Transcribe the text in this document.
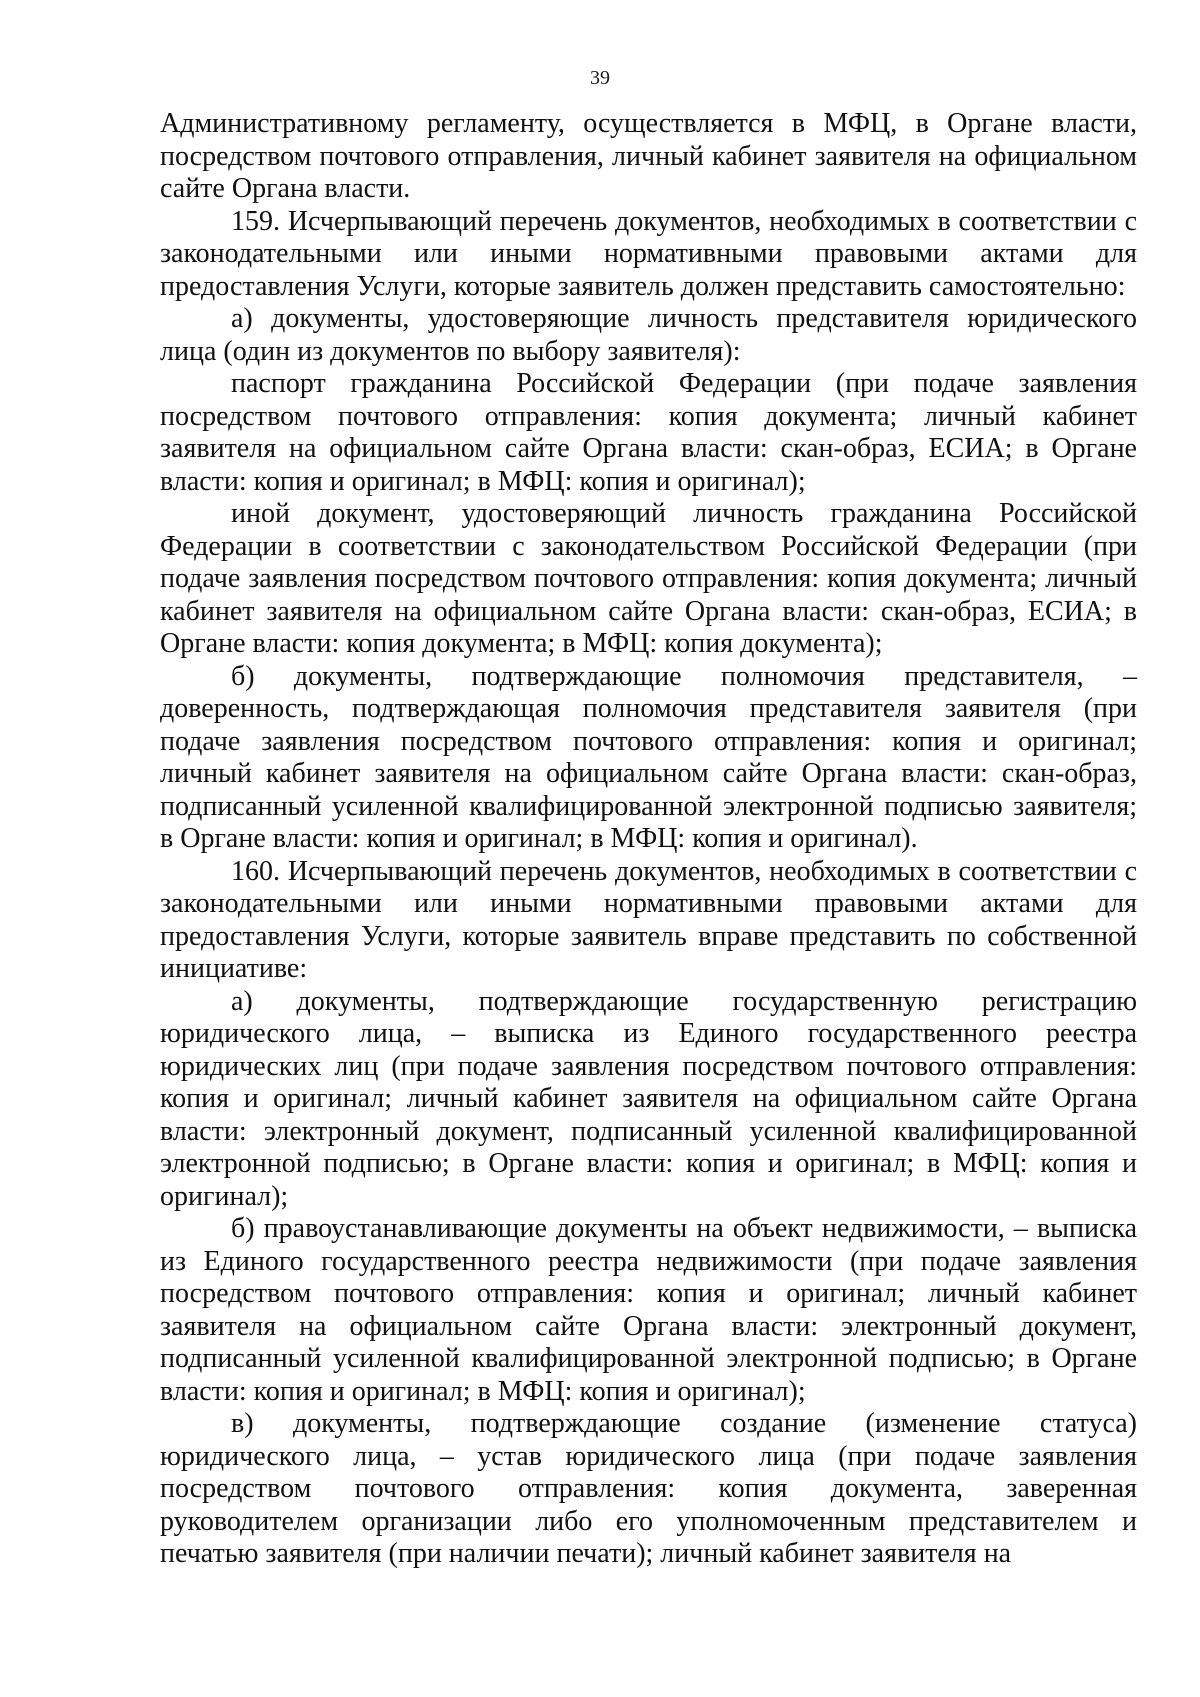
39

Административному регламенту, осуществляется в МФЦ, в Органе власти, посредством почтового отправления, личный кабинет заявителя на официальном сайте Органа власти.

159. Исчерпывающий перечень документов, необходимых в соответствии с законодательными или иными нормативными правовыми актами для предоставления Услуги, которые заявитель должен представить самостоятельно:

а) документы, удостоверяющие личность представителя юридического лица (один из документов по выбору заявителя):

паспорт гражданина Российской Федерации (при подаче заявления посредством почтового отправления: копия документа; личный кабинет заявителя на официальном сайте Органа власти: скан-образ, ЕСИА; в Органе власти: копия и оригинал; в МФЦ: копия и оригинал);

иной документ, удостоверяющий личность гражданина Российской Федерации в соответствии с законодательством Российской Федерации (при подаче заявления посредством почтового отправления: копия документа; личный кабинет заявителя на официальном сайте Органа власти: скан-образ, ЕСИА; в Органе власти: копия документа; в МФЦ: копия документа);

б) документы, подтверждающие полномочия представителя, – доверенность, подтверждающая полномочия представителя заявителя (при подаче заявления посредством почтового отправления: копия и оригинал; личный кабинет заявителя на официальном сайте Органа власти: скан-образ, подписанный усиленной квалифицированной электронной подписью заявителя; в Органе власти: копия и оригинал; в МФЦ: копия и оригинал).

160. Исчерпывающий перечень документов, необходимых в соответствии с законодательными или иными нормативными правовыми актами для предоставления Услуги, которые заявитель вправе представить по собственной инициативе:

а) документы, подтверждающие государственную регистрацию юридического лица, – выписка из Единого государственного реестра юридических лиц (при подаче заявления посредством почтового отправления: копия и оригинал; личный кабинет заявителя на официальном сайте Органа власти: электронный документ, подписанный усиленной квалифицированной электронной подписью; в Органе власти: копия и оригинал; в МФЦ: копия и оригинал);

б) правоустанавливающие документы на объект недвижимости, – выписка из Единого государственного реестра недвижимости (при подаче заявления посредством почтового отправления: копия и оригинал; личный кабинет заявителя на официальном сайте Органа власти: электронный документ, подписанный усиленной квалифицированной электронной подписью; в Органе власти: копия и оригинал; в МФЦ: копия и оригинал);

в) документы, подтверждающие создание (изменение статуса) юридического лица, – устав юридического лица (при подаче заявления посредством почтового отправления: копия документа, заверенная руководителем организации либо его уполномоченным представителем и печатью заявителя (при наличии печати); личный кабинет заявителя на
